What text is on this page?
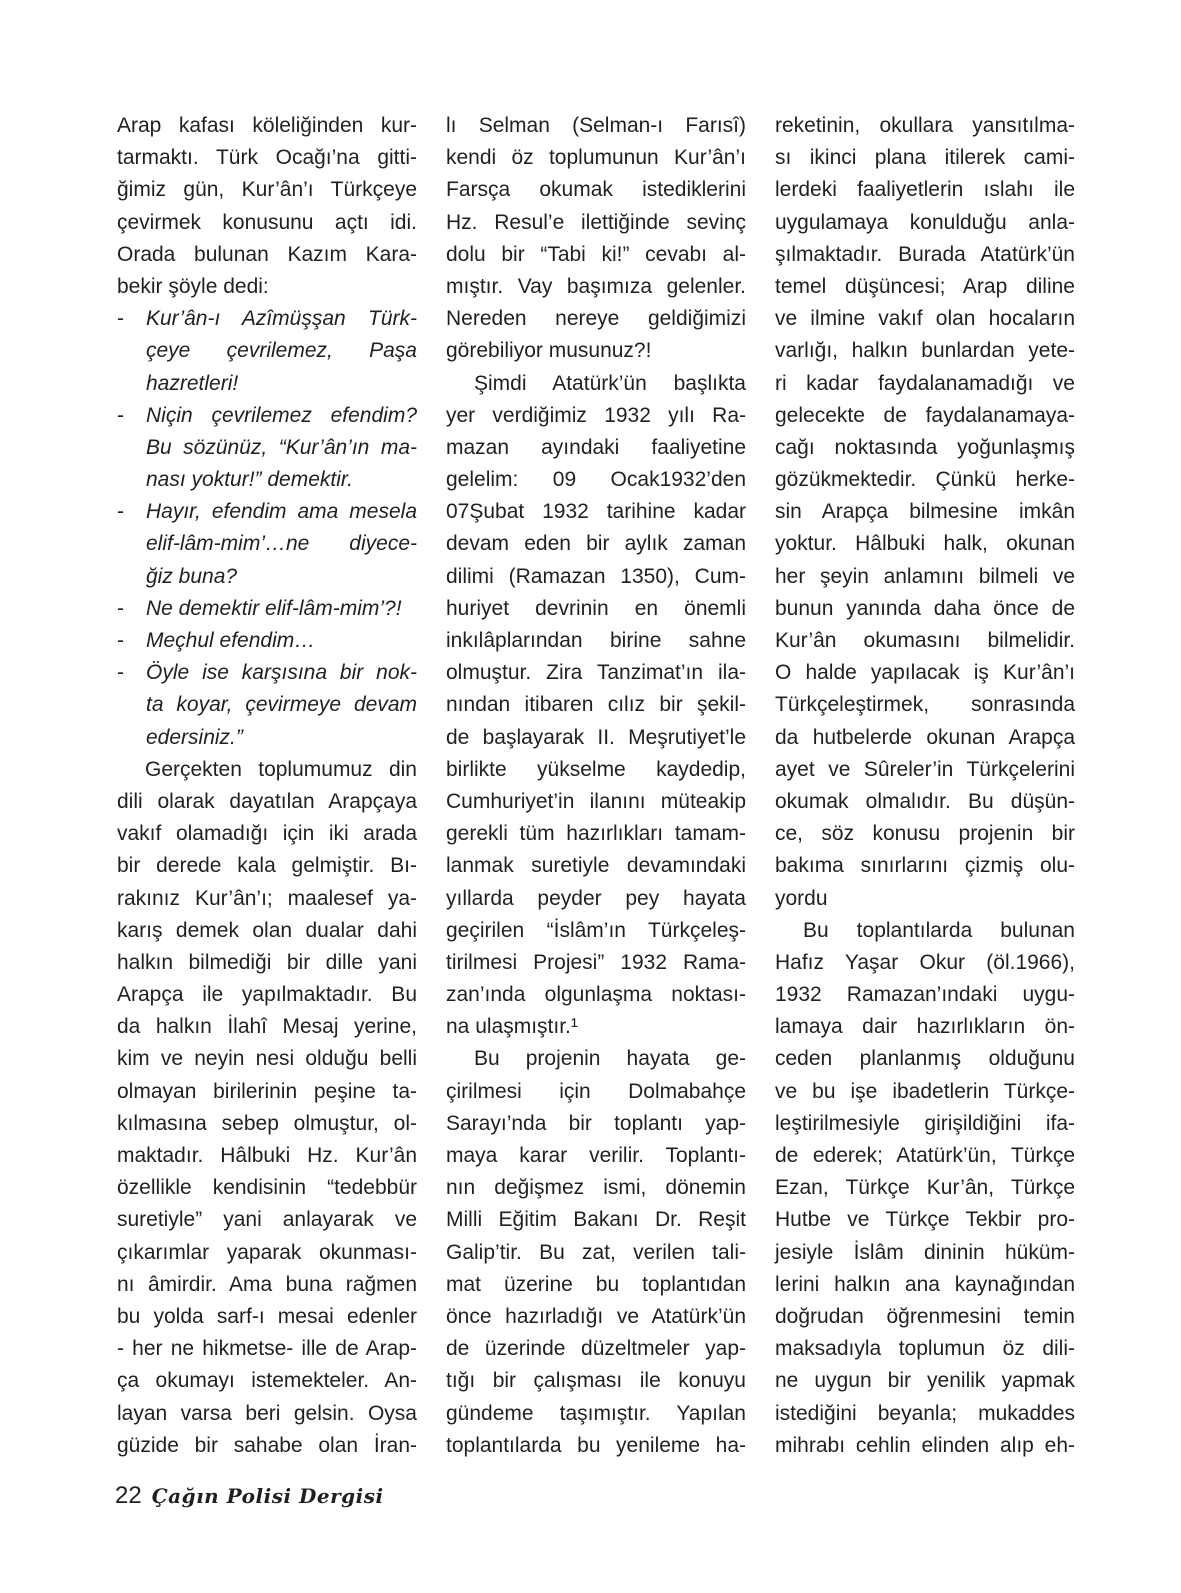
Arap kafası köleliğinden kur-
tarmaktı. Türk Ocağı’na gitti-
ğimiz gün, Kur’ân’ı Türkçeye
çevirmek konusunu açtı idi.
Orada bulunan Kazım Kara-
bekir şöyle dedi:
- Kur’ân-ı Azîmüşşan Türk-
çeye çevrilemez, Paşa
hazretleri!
- Niçin çevrilemez efendim?
Bu sözünüz, “Kur’ân’ın ma-
nası yoktur!” demektir.
- Hayır, efendim ama mesela
elif-lâm-mim’…ne diyece-
ğiz buna?
- Ne demektir elif-lâm-mim’?!
- Meçhul efendim…
- Öyle ise karşısına bir nok-
ta koyar, çevirmeye devam
edersiniz.”
Gerçekten toplumumuz din
dili olarak dayatılan Arapçaya
vakıf olamadığı için iki arada
bir derede kala gelmiştir. Bı-
rakınız Kur’ân’ı; maalesef ya-
karış demek olan dualar dahi
halkın bilmediği bir dille yani
Arapça ile yapılmaktadır. Bu
da halkın İlahî Mesaj yerine,
kim ve neyin nesi olduğu belli
olmayan birilerinin peşine ta-
kılmasına sebep olmuştur, ol-
maktadır. Hâlbuki Hz. Kur’ân
özellikle kendisinin “tedebbür
suretiyle” yani anlayarak ve
çıkarımlar yaparak okunması-
nı âmirdir. Ama buna rağmen
bu yolda sarf-ı mesai edenler
- her ne hikmetse- ille de Arap-
ça okumayı istemekteler. An-
layan varsa beri gelsin. Oysa
güzide bir sahabe olan İran-
lı Selman (Selman-ı Farısî)
kendi öz toplumunun Kur’ân’ı
Farsça okumak istediklerini
Hz. Resul’e ilettiğinde sevinç
dolu bir “Tabi ki!” cevabı al-
mıştır. Vay başımıza gelenler.
Nereden nereye geldiğimizi
görebiliyor musunuz?!
Şimdi Atatürk’ün başlıkta
yer verdiğimiz 1932 yılı Ra-
mazan ayındaki faaliyetine
gelelim: 09 Ocak1932’den
07Şubat 1932 tarihine kadar
devam eden bir aylık zaman
dilimi (Ramazan 1350), Cum-
huriyet devrinin en önemli
inkılâplarından birine sahne
olmuştur. Zira Tanzimat’ın ila-
nından itibaren cılız bir şekil-
de başlayarak II. Meşrutiyet’le
birlikte yükselme kaydedip,
Cumhuriyet’in ilanını müteakip
gerekli tüm hazırlıkları tamam-
lanmak suretiyle devamındaki
yıllarda peyder pey hayata
geçirilen “İslâm’ın Türkçeleş-
tirilmesi Projesi” 1932 Rama-
zan’ında olgunlaşma noktası-
na ulaşmıştır.¹
Bu projenin hayata ge-
çirilmesi için Dolmabahçe
Sarayı’nda bir toplantı yap-
maya karar verilir. Toplantı-
nın değişmez ismi, dönemin
Milli Eğitim Bakanı Dr. Reşit
Galip’tir. Bu zat, verilen tali-
mat üzerine bu toplantıdan
önce hazırladığı ve Atatürk’ün
de üzerinde düzeltmeler yap-
tığı bir çalışması ile konuyu
gündeme taşımıştır. Yapılan
toplantılarda bu yenileme ha-
reketinin, okullara yansıtılma-
sı ikinci plana itilerek cami-
lerdeki faaliyetlerin ıslahı ile
uygulamaya konulduğu anla-
şılmaktadır. Burada Atatürk’ün
temel düşüncesi; Arap diline
ve ilmine vakıf olan hocaların
varlığı, halkın bunlardan yete-
ri kadar faydalanamadığı ve
gelecekte de faydalanamaya-
cağı noktasında yoğunlaşmış
gözükmektedir. Çünkü herke-
sin Arapça bilmesine imkân
yoktur. Hâlbuki halk, okunan
her şeyin anlamını bilmeli ve
bunun yanında daha önce de
Kur’ân okumasını bilmelidir.
O halde yapılacak iş Kur’ân’ı
Türkçeleştirmek, sonrasında
da hutbelerde okunan Arapça
ayet ve Sûreler’in Türkçelerini
okumak olmalıdır. Bu düşün-
ce, söz konusu projenin bir
bakıma sınırlarını çizmiş olu-
yordu
Bu toplantılarda bulunan
Hafız Yaşar Okur (öl.1966),
1932 Ramazan’ındaki uygu-
lamaya dair hazırlıkların ön-
ceden planlanmış olduğunu
ve bu işe ibadetlerin Türkçe-
leştirilmesiyle girişildiğini ifa-
de ederek; Atatürk’ün, Türkçe
Ezan, Türkçe Kur’ân, Türkçe
Hutbe ve Türkçe Tekbir pro-
jesiyle İslâm dininin hüküm-
lerini halkın ana kaynağından
doğrudan öğrenmesini temin
maksadıyla toplumun öz dili-
ne uygun bir yenilik yapmak
istediğini beyanla; mukaddes
mihrabı cehlin elinden alıp eh-
22 Çağın Polisi Dergisi
